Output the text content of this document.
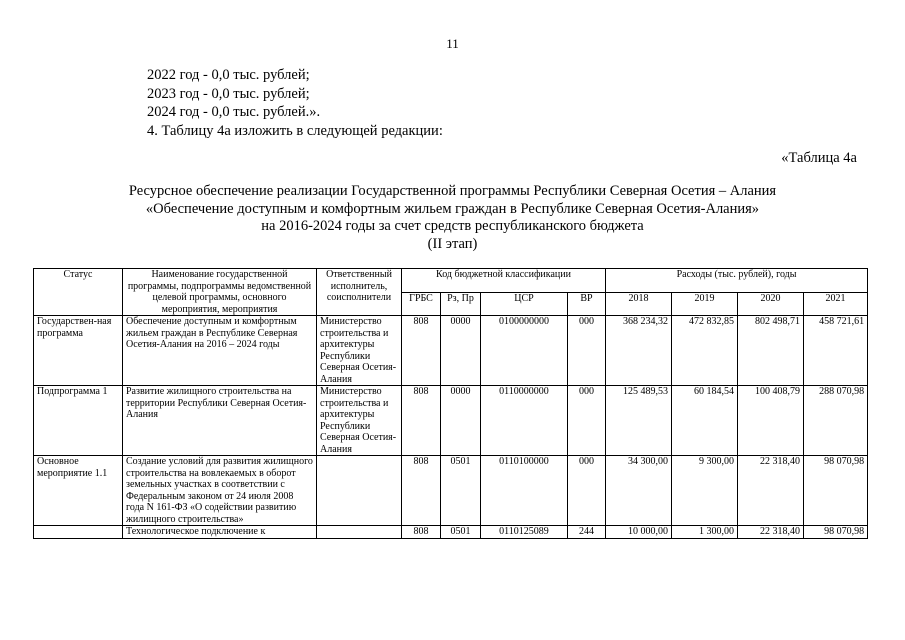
11
2022 год - 0,0 тыс. рублей;
2023 год - 0,0 тыс. рублей;
2024 год - 0,0 тыс. рублей.».
4. Таблицу 4а изложить в следующей редакции:
«Таблица 4а
Ресурсное обеспечение реализации Государственной программы Республики Северная Осетия – Алания
«Обеспечение доступным и комфортным жильем граждан в Республике Северная Осетия-Алания»
на 2016-2024 годы за счет средств республиканского бюджета
(II этап)
Статус	Наименование государственной программы, подпрограммы ведомственной целевой программы, основного мероприятия, мероприятия	Ответственный исполнитель, соисполнители	Код бюджетной классификации				Расходы (тыс. рублей), годы			
			ГРБС	Рз, Пр	ЦСР	ВР	2018	2019	2020	2021
Государствен-ная программа	Обеспечение доступным и комфортным жильем граждан в Республике Северная Осетия-Алания на 2016 – 2024 годы	Министерство строительства и архитектуры Республики Северная Осетия-Алания	808	0000	0100000000	000	368 234,32	472 832,85	802 498,71	458 721,61
Подпрограмма 1	Развитие жилищного строительства на территории Республики Северная Осетия-Алания	Министерство строительства и архитектуры Республики Северная Осетия-Алания	808	0000	0110000000	000	125 489,53	60 184,54	100 408,79	288 070,98
Основное мероприятие 1.1	Создание условий для развития жилищного строительства на вовлекаемых в оборот земельных участках в соответствии с Федеральным законом от 24 июля 2008 года N 161-ФЗ «О содействии развитию жилищного строительства»		808	0501	0110100000	000	34 300,00	9 300,00	22 318,40	98 070,98
	Технологическое подключение к		808	0501	0110125089	244	10 000,00	1 300,00	22 318,40	98 070,98
